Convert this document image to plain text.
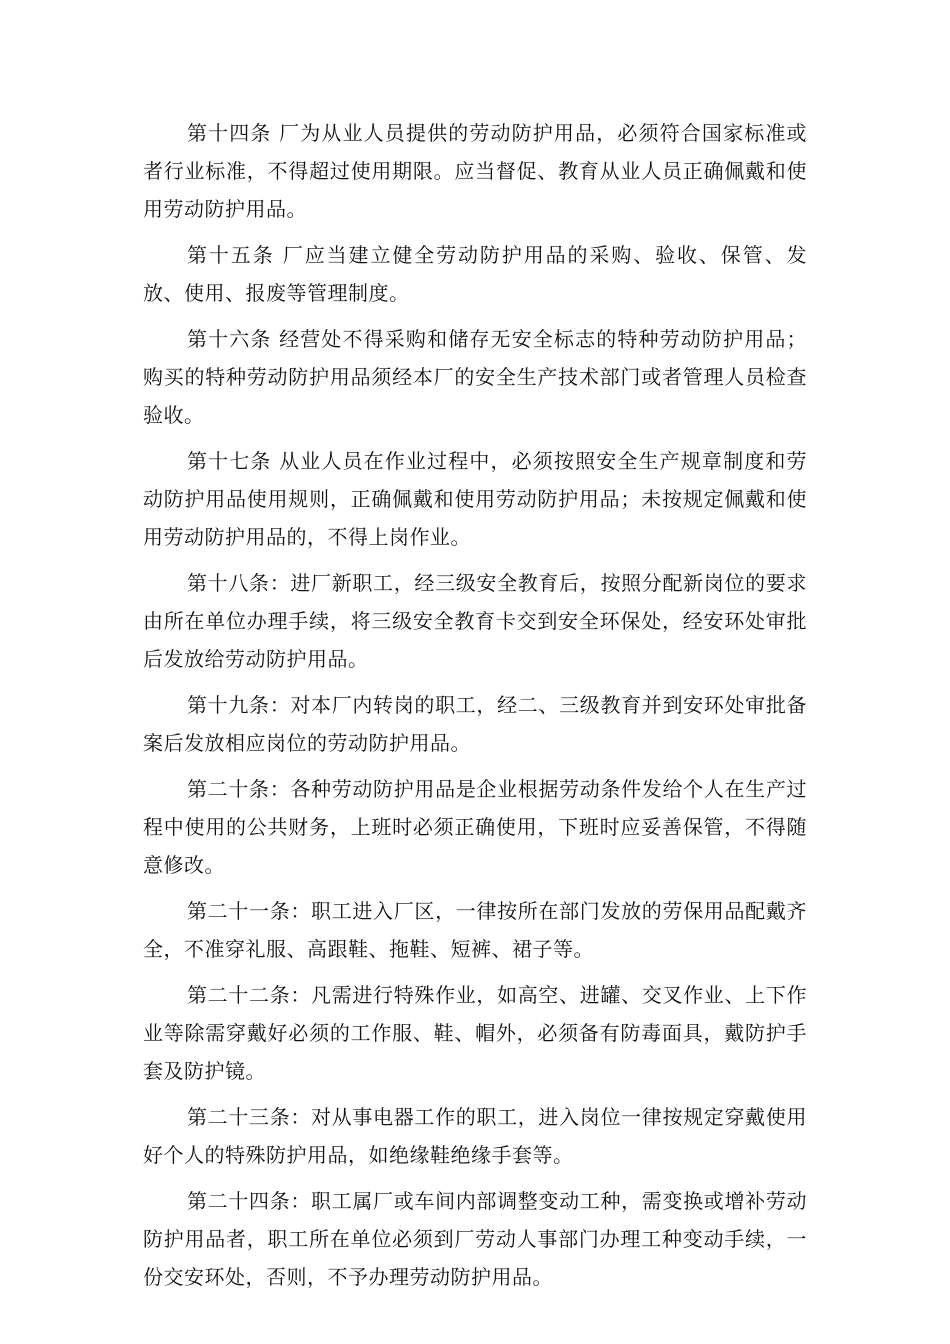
第十四条 厂为从业人员提供的劳动防护用品，必须符合国家标准或者行业标准，不得超过使用期限。应当督促、教育从业人员正确佩戴和使用劳动防护用品。

第十五条 厂应当建立健全劳动防护用品的采购、验收、保管、发放、使用、报废等管理制度。

第十六条 经营处不得采购和储存无安全标志的特种劳动防护用品；购买的特种劳动防护用品须经本厂的安全生产技术部门或者管理人员检查验收。

第十七条 从业人员在作业过程中，必须按照安全生产规章制度和劳动防护用品使用规则，正确佩戴和使用劳动防护用品；未按规定佩戴和使用劳动防护用品的，不得上岗作业。

第十八条：进厂新职工，经三级安全教育后，按照分配新岗位的要求由所在单位办理手续，将三级安全教育卡交到安全环保处，经安环处审批后发放给劳动防护用品。

第十九条：对本厂内转岗的职工，经二、三级教育并到安环处审批备案后发放相应岗位的劳动防护用品。

第二十条：各种劳动防护用品是企业根据劳动条件发给个人在生产过程中使用的公共财务，上班时必须正确使用，下班时应妥善保管，不得随意修改。

第二十一条：职工进入厂区，一律按所在部门发放的劳保用品配戴齐全，不准穿礼服、高跟鞋、拖鞋、短裤、裙子等。

第二十二条：凡需进行特殊作业，如高空、进罐、交叉作业、上下作业等除需穿戴好必须的工作服、鞋、帽外，必须备有防毒面具，戴防护手套及防护镜。

第二十三条：对从事电器工作的职工，进入岗位一律按规定穿戴使用好个人的特殊防护用品，如绝缘鞋绝缘手套等。

第二十四条：职工属厂或车间内部调整变动工种，需变换或增补劳动防护用品者，职工所在单位必须到厂劳动人事部门办理工种变动手续，一份交安环处，否则，不予办理劳动防护用品。
